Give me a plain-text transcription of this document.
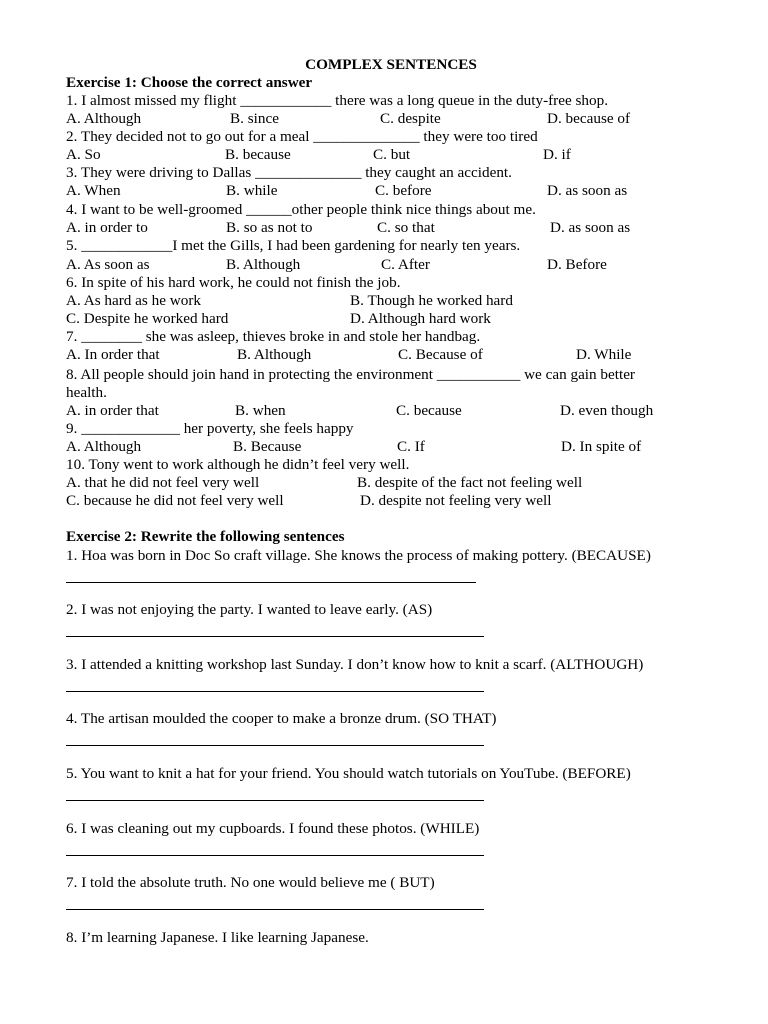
COMPLEX SENTENCES
Exercise 1: Choose the correct answer
1. I almost missed my flight ____________ there was a long queue in the duty-free shop.
A. Although	B. since	C. despite	D. because of
2. They decided not to go out for a meal ______________ they were too tired
A. So	B. because	C. but	D. if
3. They were driving to Dallas ______________ they caught an accident.
A. When	B. while	C. before	D. as soon as
4. I want to be well-groomed ______other people think nice things about me.
A. in order to	B. so as not to	C. so that	D. as soon as
5. ____________I met the Gills, I had been gardening for nearly ten years.
A. As soon as	B. Although	C. After	D. Before
6. In spite of his hard work, he could not finish the job.
A. As hard as he work	B. Though he worked hard
C. Despite he worked hard	D. Although hard work
7. ________ she was asleep, thieves broke in and stole her handbag.
A. In order that	B. Although	C. Because of	D. While
8. All people should join hand in protecting the environment ___________ we can gain better
health.
A. in order that	B. when	C. because	D. even though
9. _____________ her poverty, she feels happy
A. Although	B. Because	C. If	D. In spite of
10. Tony went to work although he didn’t feel very well.
A. that he did not feel very well	B. despite of the fact not feeling well
C. because he did not feel very well	D. despite not feeling very well
Exercise 2: Rewrite the following sentences
1. Hoa was born in Doc So craft village. She knows the process of making pottery. (BECAUSE)
2. I was not enjoying the party. I wanted to leave early. (AS)
3. I attended a knitting workshop last Sunday. I don’t know how to knit a scarf. (ALTHOUGH)
4. The artisan moulded the cooper to make a bronze drum. (SO THAT)
5. You want to knit a hat for your friend. You should watch tutorials on YouTube. (BEFORE)
6. I was cleaning out my cupboards. I found these photos. (WHILE)
7. I told the absolute truth. No one would believe me ( BUT)
8. I’m learning Japanese. I like learning Japanese.
